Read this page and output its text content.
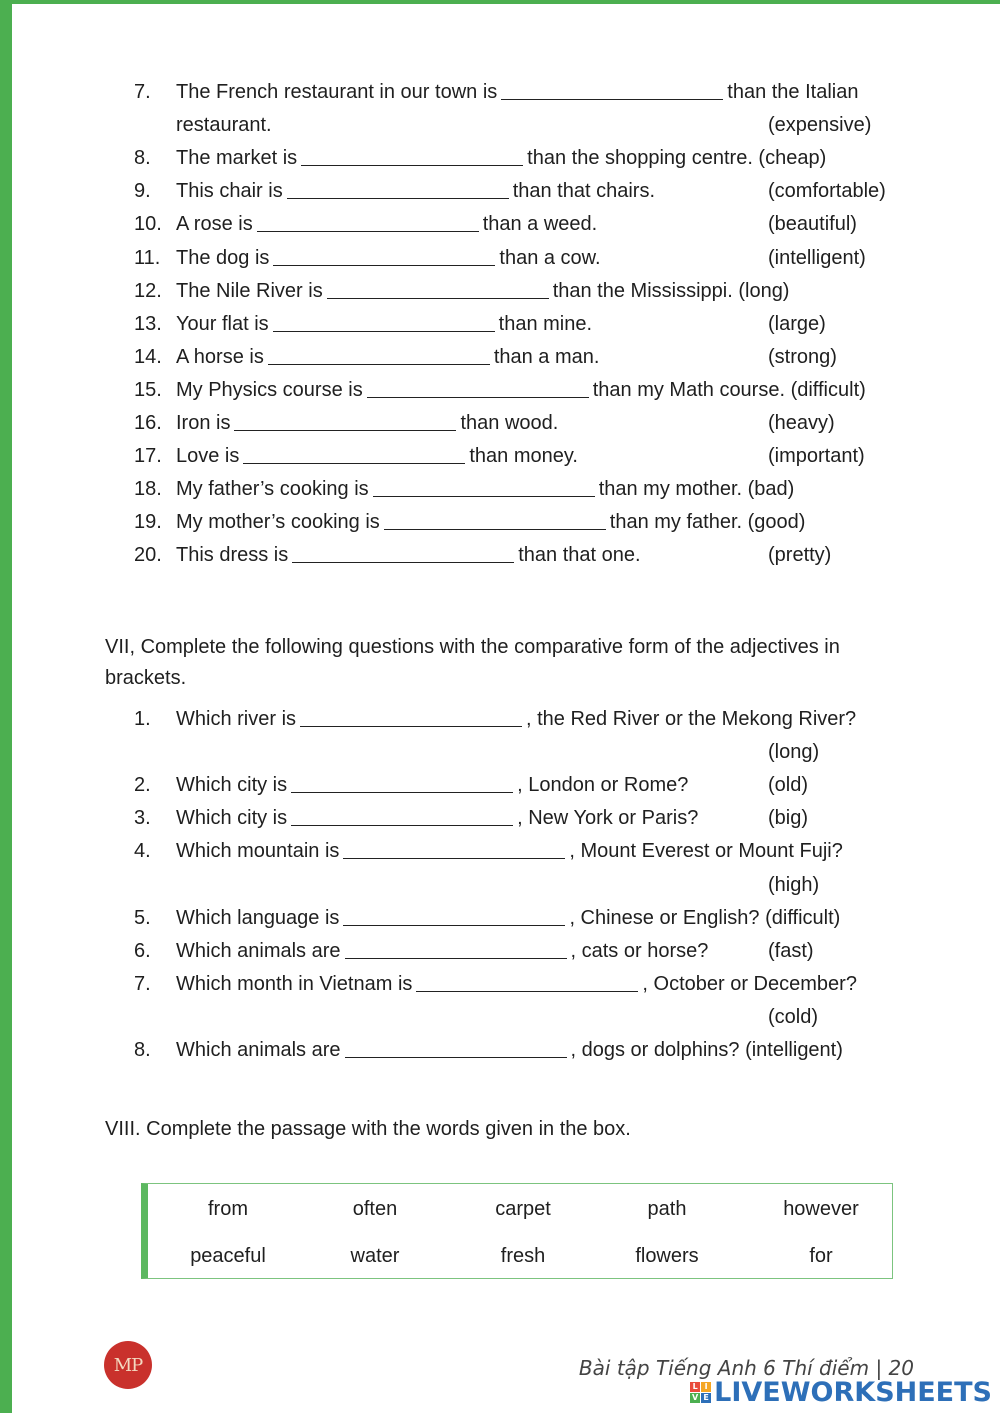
7.	The French restaurant in our town is	than the Italian
restaurant.	(expensive)
8.	The market is	than the shopping centre. (cheap)
9.	This chair is	than that chairs.	(comfortable)
10. A rose is	than a weed.	(beautiful)
11. The dog is	than a cow.	(intelligent)
12. The Nile River is	than the Mississippi. (long)
13. Your flat is	than mine.	(large)
14. A horse is	than a man.	(strong)
15. My Physics course is	than my Math course. (difficult)
16. Iron is	than wood.	(heavy)
17. Love is	than money.	(important)
18. My father’s cooking is	than my mother. (bad)
19. My mother’s cooking is	than my father. (good)
20. This dress is	than that one.	(pretty)
VII, Complete the following questions with the comparative form of the adjectives in brackets.
1.	Which river is	, the Red River or the Mekong River?
(long)
2.	Which city is	, London or Rome?	(old)
3.	Which city is	, New York or Paris?	(big)
4.	Which mountain is	, Mount Everest or Mount Fuji?
(high)
5.	Which language is	, Chinese or English? (difficult)
6.	Which animals are	, cats or horse?	(fast)
7.	Which month in Vietnam is	, October or December?
(cold)
8.	Which animals are	, dogs or dolphins? (intelligent)
VIII. Complete the passage with the words given in the box.
from	often	carpet	path	however
peaceful	water	fresh	flowers	for
MP	Bài tập Tiếng Anh 6 Thí điểm | 20
L I
V E LIVEWORKSHEETS
